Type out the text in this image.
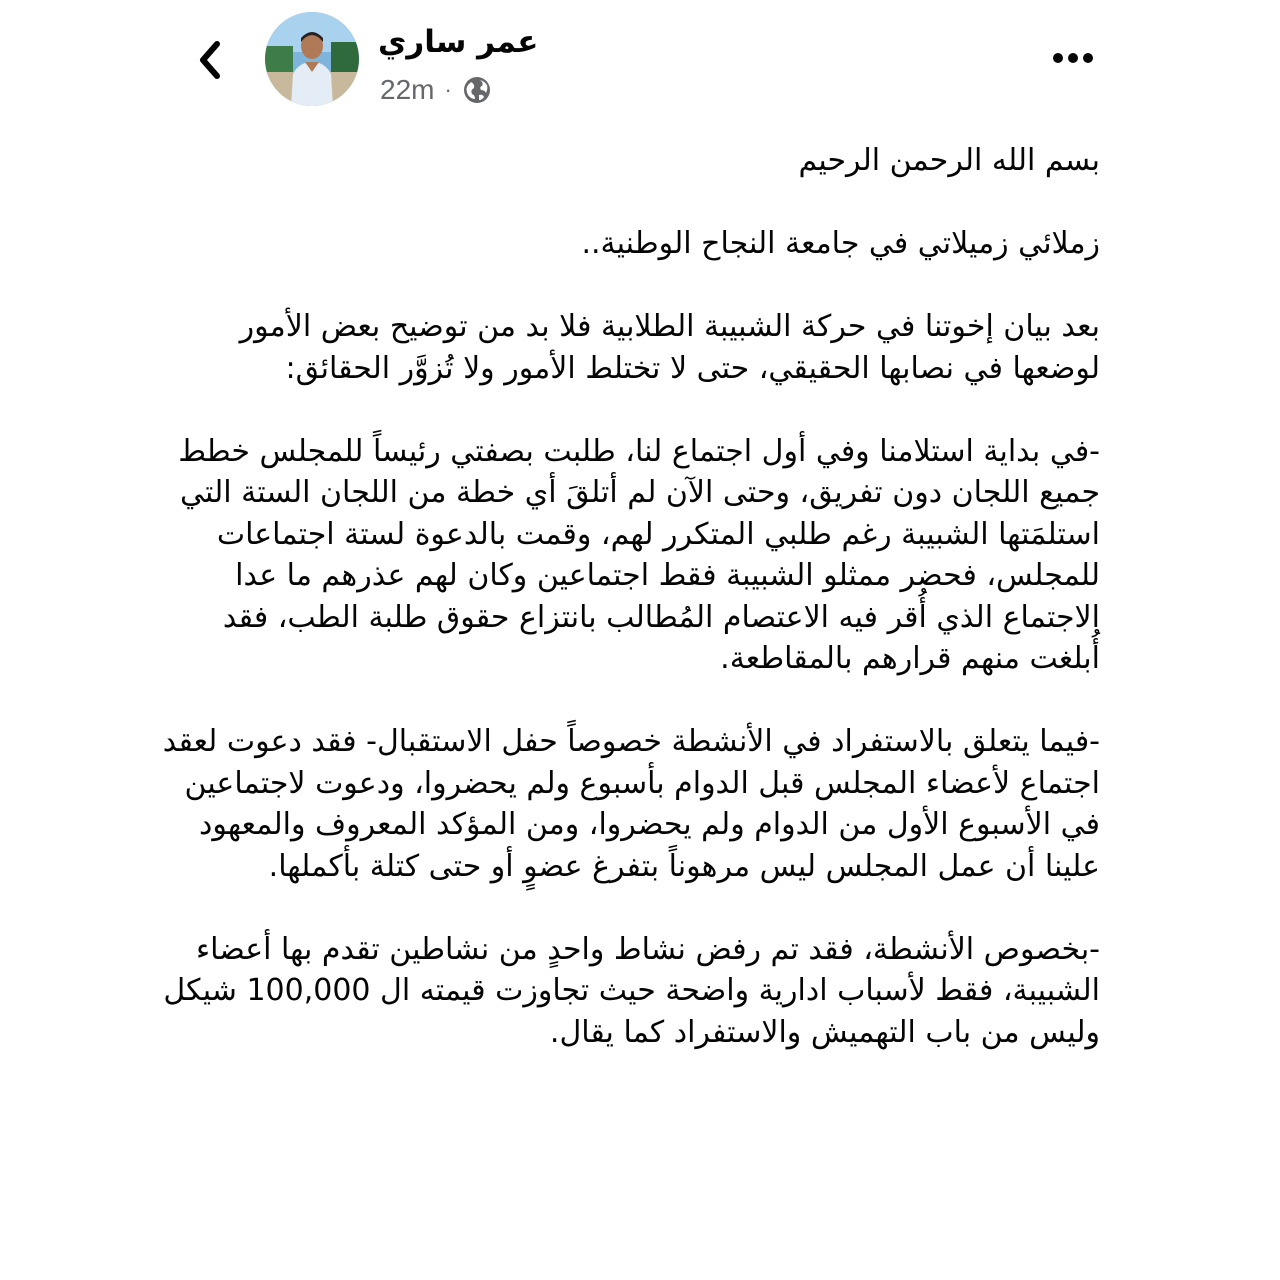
عمر ساري
22m ·

بسم الله الرحمن الرحيم

زملائي زميلاتي في جامعة النجاح الوطنية..

بعد بيان إخوتنا في حركة الشبيبة الطلابية فلا بد من توضيح بعض الأمور لوضعها في نصابها الحقيقي، حتى لا تختلط الأمور ولا تُزوَّر الحقائق:

-في بداية استلامنا وفي أول اجتماع لنا، طلبت بصفتي رئيساً للمجلس خطط جميع اللجان دون تفريق، وحتى الآن لم أتلقَ أي خطة من اللجان الستة التي استلمَتها الشبيبة رغم طلبي المتكرر لهم، وقمت بالدعوة لستة اجتماعات للمجلس، فحضر ممثلو الشبيبة فقط اجتماعين وكان لهم عذرهم ما عدا الاجتماع الذي أُقر فيه الاعتصام المُطالب بانتزاع حقوق طلبة الطب، فقد أُبلغت منهم قرارهم بالمقاطعة.

-فيما يتعلق بالاستفراد في الأنشطة خصوصاً حفل الاستقبال- فقد دعوت لعقد اجتماع لأعضاء المجلس قبل الدوام بأسبوع ولم يحضروا، ودعوت لاجتماعين في الأسبوع الأول من الدوام ولم يحضروا، ومن المؤكد المعروف والمعهود علينا أن عمل المجلس ليس مرهوناً بتفرغ عضوٍ أو حتى كتلة بأكملها.

-بخصوص الأنشطة، فقد تم رفض نشاط واحدٍ من نشاطين تقدم بها أعضاء الشبيبة، فقط لأسباب ادارية واضحة حيث تجاوزت قيمته ال 100,000 شيكل وليس من باب التهميش والاستفراد كما يقال.
